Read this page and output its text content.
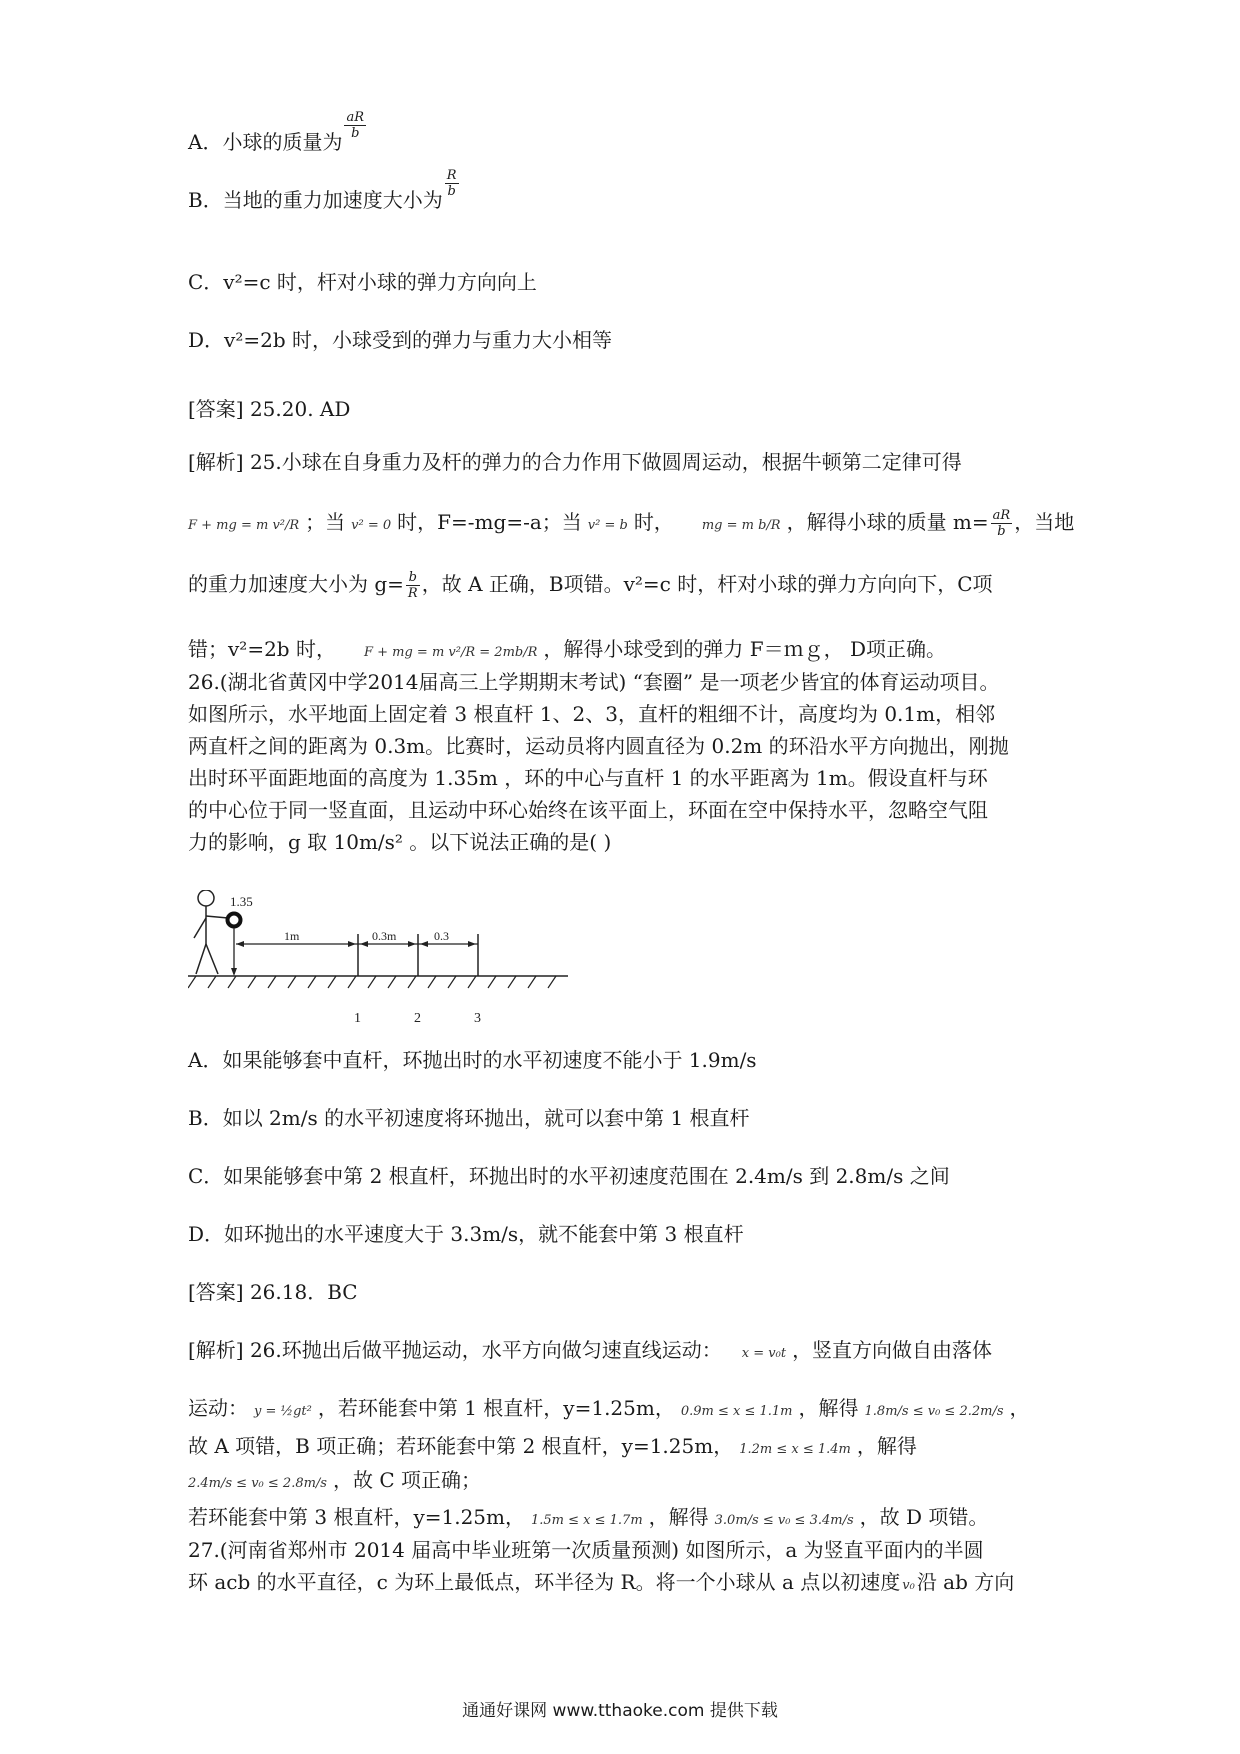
A．小球的质量为
$\frac{aR}{b}$
B．当地的重力加速度大小为
$\frac{R}{b}$
C．v²=c 时，杆对小球的弹力方向向上
D．v²=2b 时，小球受到的弹力与重力大小相等
[答案] 25.20. AD
[解析] 25.小球在自身重力及杆的弹力的合力作用下做圆周运动，根据牛顿第二定律可得
F + mg = m v²/R ；当 v² = 0 时，F=-mg=-a；当 v² = b 时， mg = m b/R ，解得小球的质量 $m= \frac{aR}{b}$ ，当地
的重力加速度大小为 $g= \frac{b}{R}$ ，故 A 正确，B项错。v²=c 时，杆对小球的弹力方向向下，C项
错；v²=2b 时， F + mg = m v²/R = 2mb/R ，解得小球受到的弹力 F＝ｍｇ， D项正确。
26.(湖北省黄冈中学2014届高三上学期期末考试) “套圈” 是一项老少皆宜的体育运动项目。
如图所示，水平地面上固定着 3 根直杆 1、2、3，直杆的粗细不计，高度均为 0.1m，相邻
两直杆之间的距离为 0.3m。比赛时，运动员将内圆直径为 0.2m 的环沿水平方向抛出，刚抛
出时环平面距地面的高度为 1.35m ，环的中心与直杆 1 的水平距离为 1m。假设直杆与环
的中心位于同一竖直面，且运动中环心始终在该平面上，环面在空中保持水平，忽略空气阻
力的影响，g 取 10m/s² 。以下说法正确的是( )
1.35
1m	0.3m	0.3
1	2	3
A．如果能够套中直杆，环抛出时的水平初速度不能小于 1.9m/s
B．如以 2m/s 的水平初速度将环抛出，就可以套中第 1 根直杆
C．如果能够套中第 2 根直杆，环抛出时的水平初速度范围在 2.4m/s 到 2.8m/s 之间
D．如环抛出的水平速度大于 3.3m/s，就不能套中第 3 根直杆
[答案] 26.18．BC
[解析] 26.环抛出后做平抛运动，水平方向做匀速直线运动： x = v₀t ，竖直方向做自由落体
运动： y = ½gt² ，若环能套中第 1 根直杆，y=1.25m， 0.9m ≤ x ≤ 1.1m ，解得 1.8m/s ≤ v₀ ≤ 2.2m/s ，
故 A 项错，B 项正确；若环能套中第 2 根直杆，y=1.25m， 1.2m ≤ x ≤ 1.4m ，解得
2.4m/s ≤ v₀ ≤ 2.8m/s ，故 C 项正确；
若环能套中第 3 根直杆，y=1.25m， 1.5m ≤ x ≤ 1.7m ，解得 3.0m/s ≤ v₀ ≤ 3.4m/s ，故 D 项错。
27.(河南省郑州市 2014 届高中毕业班第一次质量预测) 如图所示，a 为竖直平面内的半圆
环 acb 的水平直径，c 为环上最低点，环半径为 R。将一个小球从 a 点以初速度 v₀ 沿 ab 方向
通通好课网 www.tthaoke.com 提供下载
